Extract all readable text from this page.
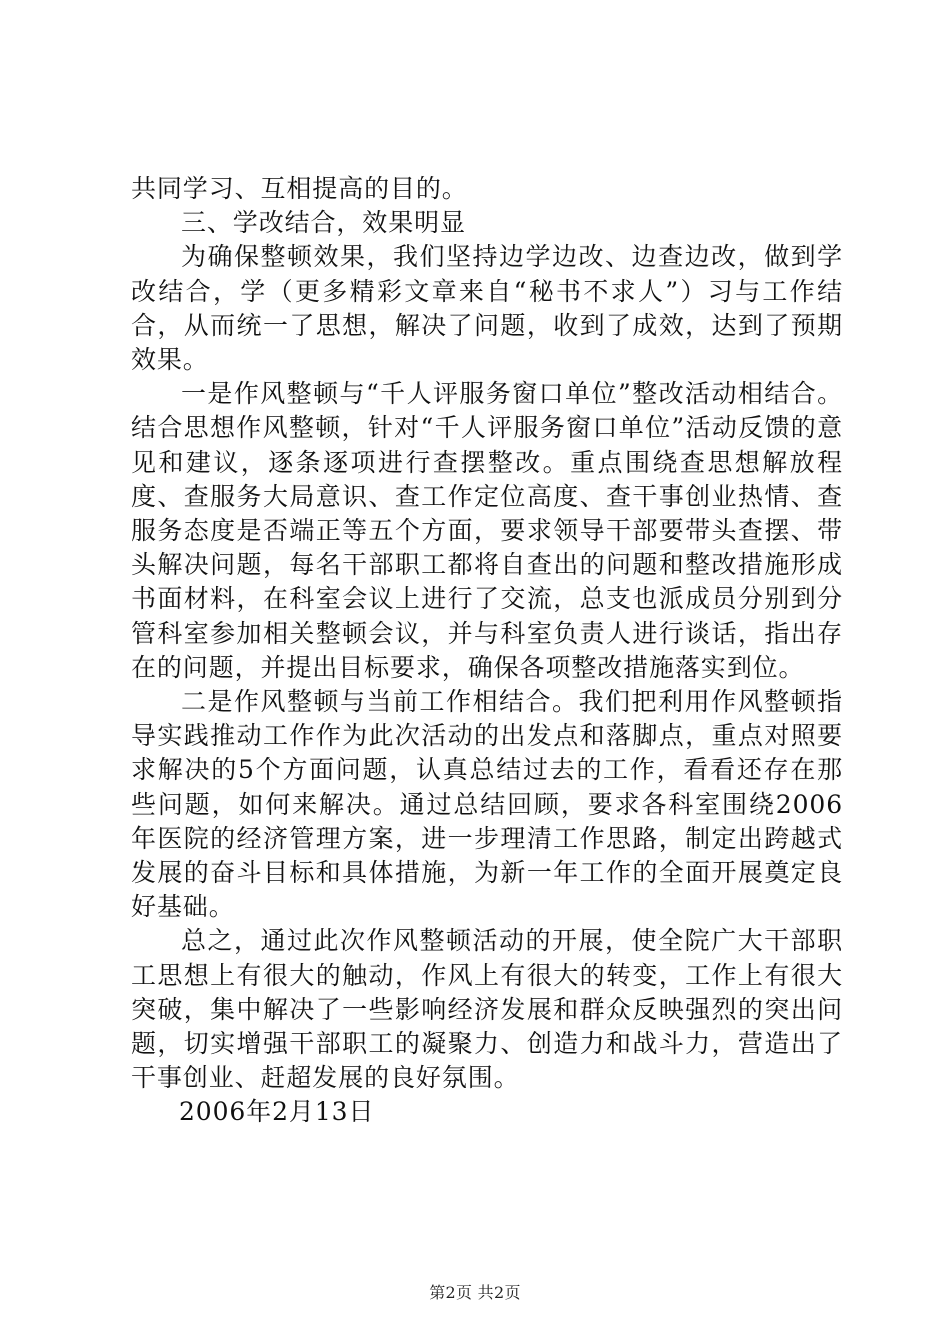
共同学习、互相提高的目的。

三、学改结合，效果明显

为确保整顿效果，我们坚持边学边改、边查边改，做到学改结合，学（更多精彩文章来自“秘书不求人”）习与工作结合，从而统一了思想，解决了问题，收到了成效，达到了预期效果。

一是作风整顿与“千人评服务窗口单位”整改活动相结合。结合思想作风整顿，针对“千人评服务窗口单位”活动反馈的意见和建议，逐条逐项进行查摆整改。重点围绕查思想解放程度、查服务大局意识、查工作定位高度、查干事创业热情、查服务态度是否端正等五个方面，要求领导干部要带头查摆、带头解决问题，每名干部职工都将自查出的问题和整改措施形成书面材料，在科室会议上进行了交流，总支也派成员分别到分管科室参加相关整顿会议，并与科室负责人进行谈话，指出存在的问题，并提出目标要求，确保各项整改措施落实到位。

二是作风整顿与当前工作相结合。我们把利用作风整顿指导实践推动工作作为此次活动的出发点和落脚点，重点对照要求解决的5个方面问题，认真总结过去的工作，看看还存在那些问题，如何来解决。通过总结回顾，要求各科室围绕2006年医院的经济管理方案，进一步理清工作思路，制定出跨越式发展的奋斗目标和具体措施，为新一年工作的全面开展奠定良好基础。

总之，通过此次作风整顿活动的开展，使全院广大干部职工思想上有很大的触动，作风上有很大的转变，工作上有很大突破，集中解决了一些影响经济发展和群众反映强烈的突出问题，切实增强干部职工的凝聚力、创造力和战斗力，营造出了干事创业、赶超发展的良好氛围。

2006年2月13日

第2页 共2页
